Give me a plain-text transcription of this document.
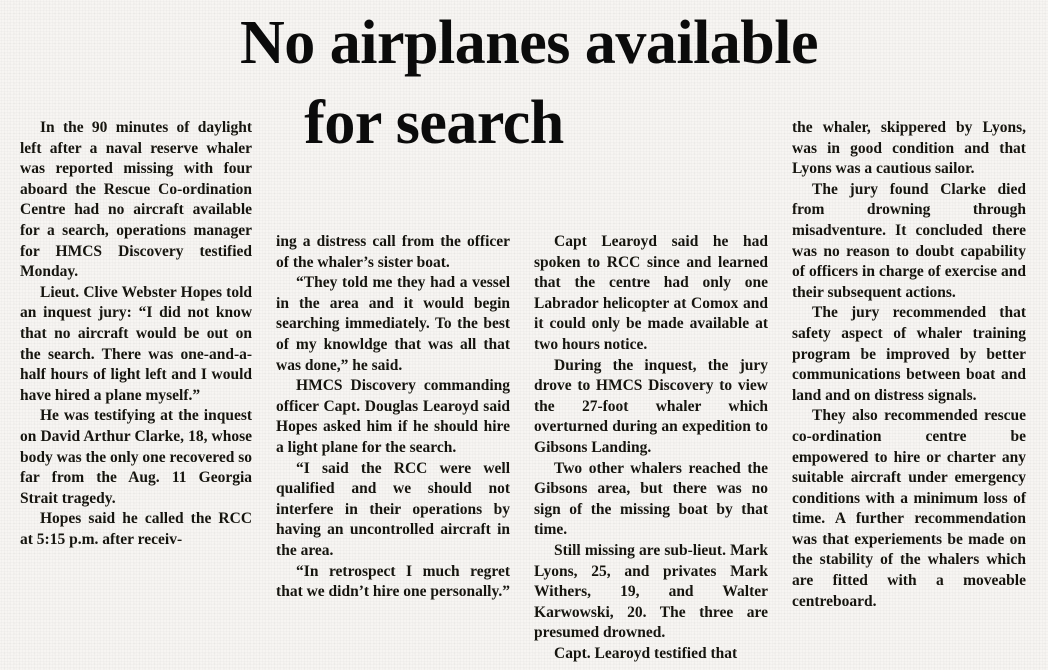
No airplanes available
for search

In the 90 minutes of daylight left after a naval reserve whaler was reported missing with four aboard the Rescue Co-ordination Centre had no aircraft available for a search, operations manager for HMCS Discovery testified Monday.

Lieut. Clive Webster Hopes told an inquest jury: “I did not know that no aircraft would be out on the search. There was one-and-a-half hours of light left and I would have hired a plane myself.”

He was testifying at the inquest on David Arthur Clarke, 18, whose body was the only one recovered so far from the Aug. 11 Georgia Strait tragedy.

Hopes said he called the RCC at 5:15 p.m. after receiv-

ing a distress call from the officer of the whaler’s sister boat.

“They told me they had a vessel in the area and it would begin searching immediately. To the best of my knowldge that was all that was done,” he said.

HMCS Discovery commanding officer Capt. Douglas Learoyd said Hopes asked him if he should hire a light plane for the search.

“I said the RCC were well qualified and we should not interfere in their operations by having an uncontrolled aircraft in the area.

“In retrospect I much regret that we didn’t hire one personally.”

Capt Learoyd said he had spoken to RCC since and learned that the centre had only one Labrador helicopter at Comox and it could only be made available at two hours notice.

During the inquest, the jury drove to HMCS Discovery to view the 27-foot whaler which overturned during an expedition to Gibsons Landing.

Two other whalers reached the Gibsons area, but there was no sign of the missing boat by that time.

Still missing are sub-lieut. Mark Lyons, 25, and privates Mark Withers, 19, and Walter Karwowski, 20. The three are presumed drowned.

Capt. Learoyd testified that

the whaler, skippered by Lyons, was in good condition and that Lyons was a cautious sailor.

The jury found Clarke died from drowning through misadventure. It concluded there was no reason to doubt capability of officers in charge of exercise and their subsequent actions.

The jury recommended that safety aspect of whaler training program be improved by better communications between boat and land and on distress signals.

They also recommended rescue co-ordination centre be empowered to hire or charter any suitable aircraft under emergency conditions with a minimum loss of time. A further recommendation was that experiements be made on the stability of the whalers which are fitted with a moveable centreboard.
